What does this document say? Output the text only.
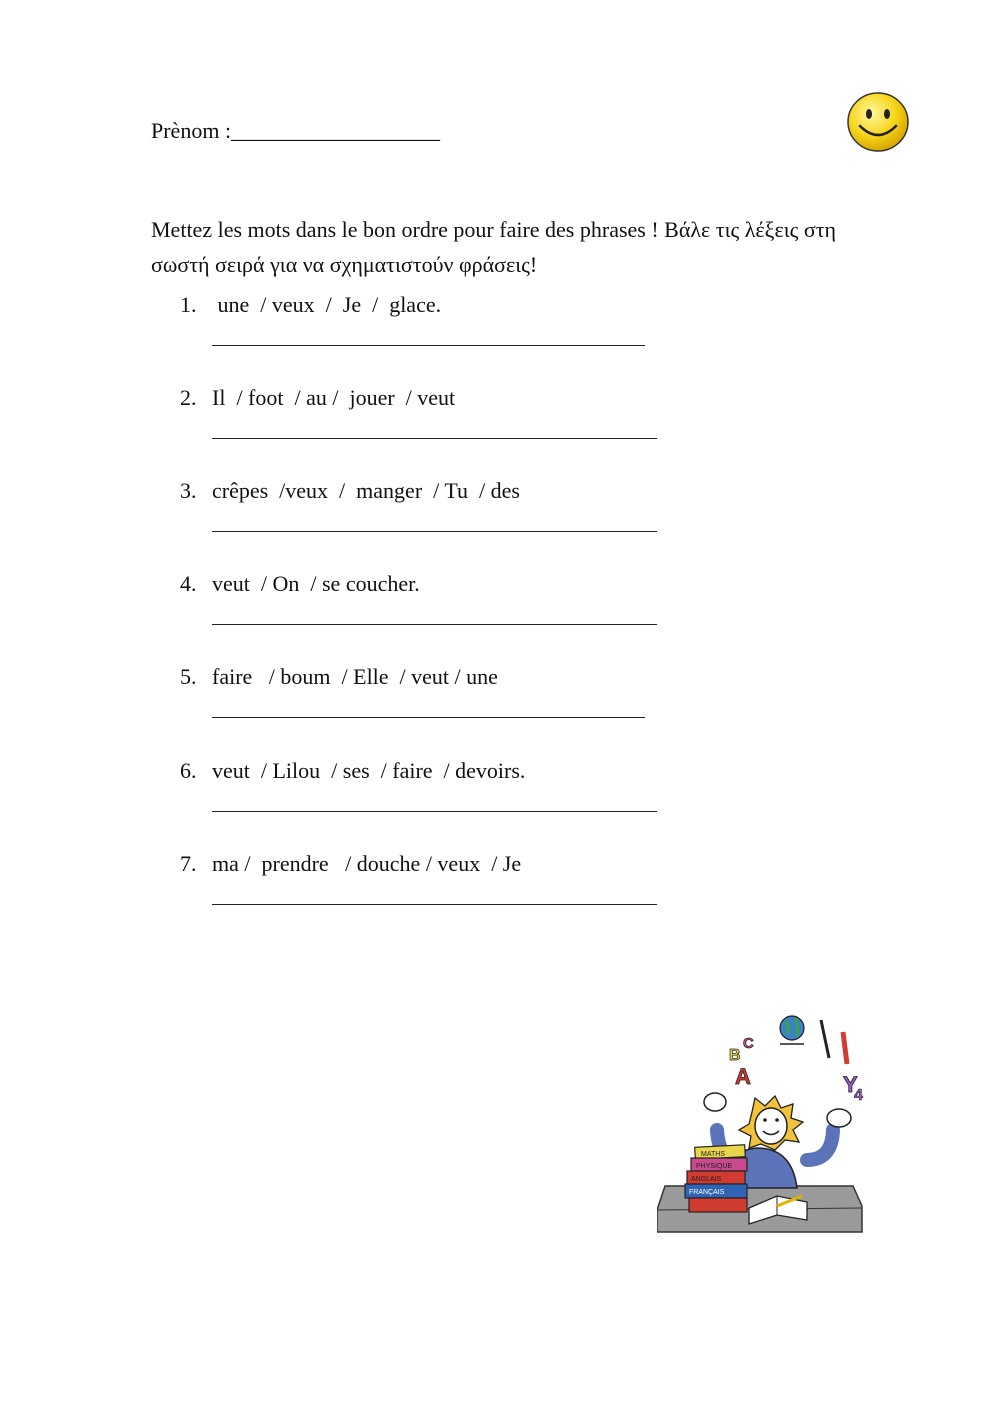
Prènom :___________________
Mettez les mots dans le bon ordre pour faire des phrases ! Βάλε τις λέξεις στη σωστή σειρά για να σχηματιστούν φράσεις!
1. une  / veux  /  Je  /  glace.
2. Il  / foot  / au /  jouer  / veut
3. crêpes  /veux  /  manger  / Tu  / des
4. veut  / On  / se coucher.
5. faire   / boum  / Elle  / veut / une
6. veut  / Lilou  / ses  / faire  / devoirs.
7. ma /  prendre   / douche / veux  / Je
A
B
C
Y
4
MATHS
PHYSIQUE
ANGLAIS
FRANÇAIS
